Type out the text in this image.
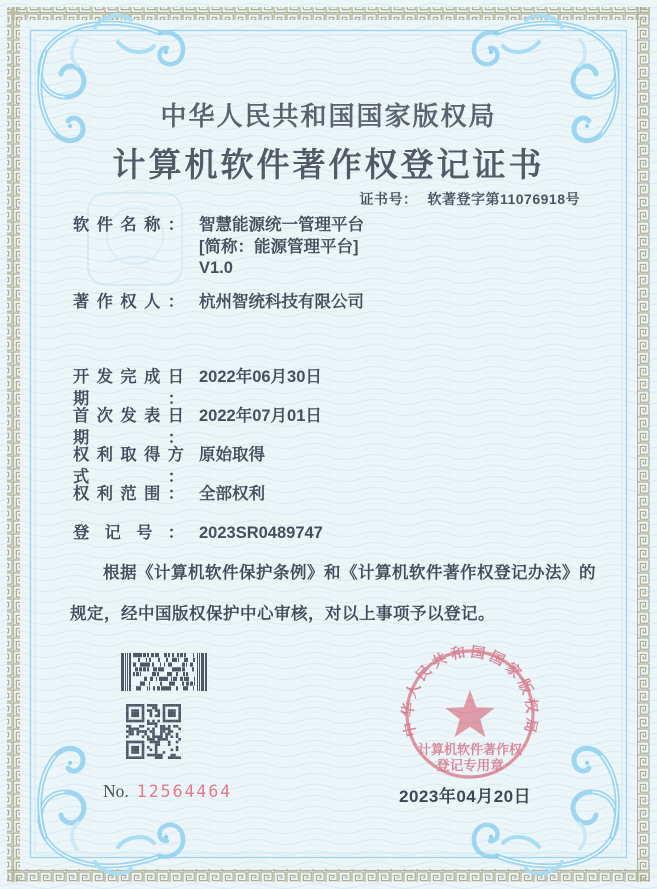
中华人民共和国国家版权局
计算机软件著作权登记证书
证书号： 软著登字第11076918号
软件名称： 智慧能源统一管理平台
[简称：能源管理平台]
V1.0
著作权人： 杭州智统科技有限公司
开发完成日期：
2022年06月30日
首次发表日期：
2022年07月01日
权利取得方式：
原始取得
权利范围： 全部权利
登记号： 2023SR0489747
根据《计算机软件保护条例》和《计算机软件著作权登记办法》的规定，经中国版权保护中心审核，对以上事项予以登记。
No. 12564464	2023年04月20日
中华人民共和国国家版权局
计算机软件著作权
登记专用章
